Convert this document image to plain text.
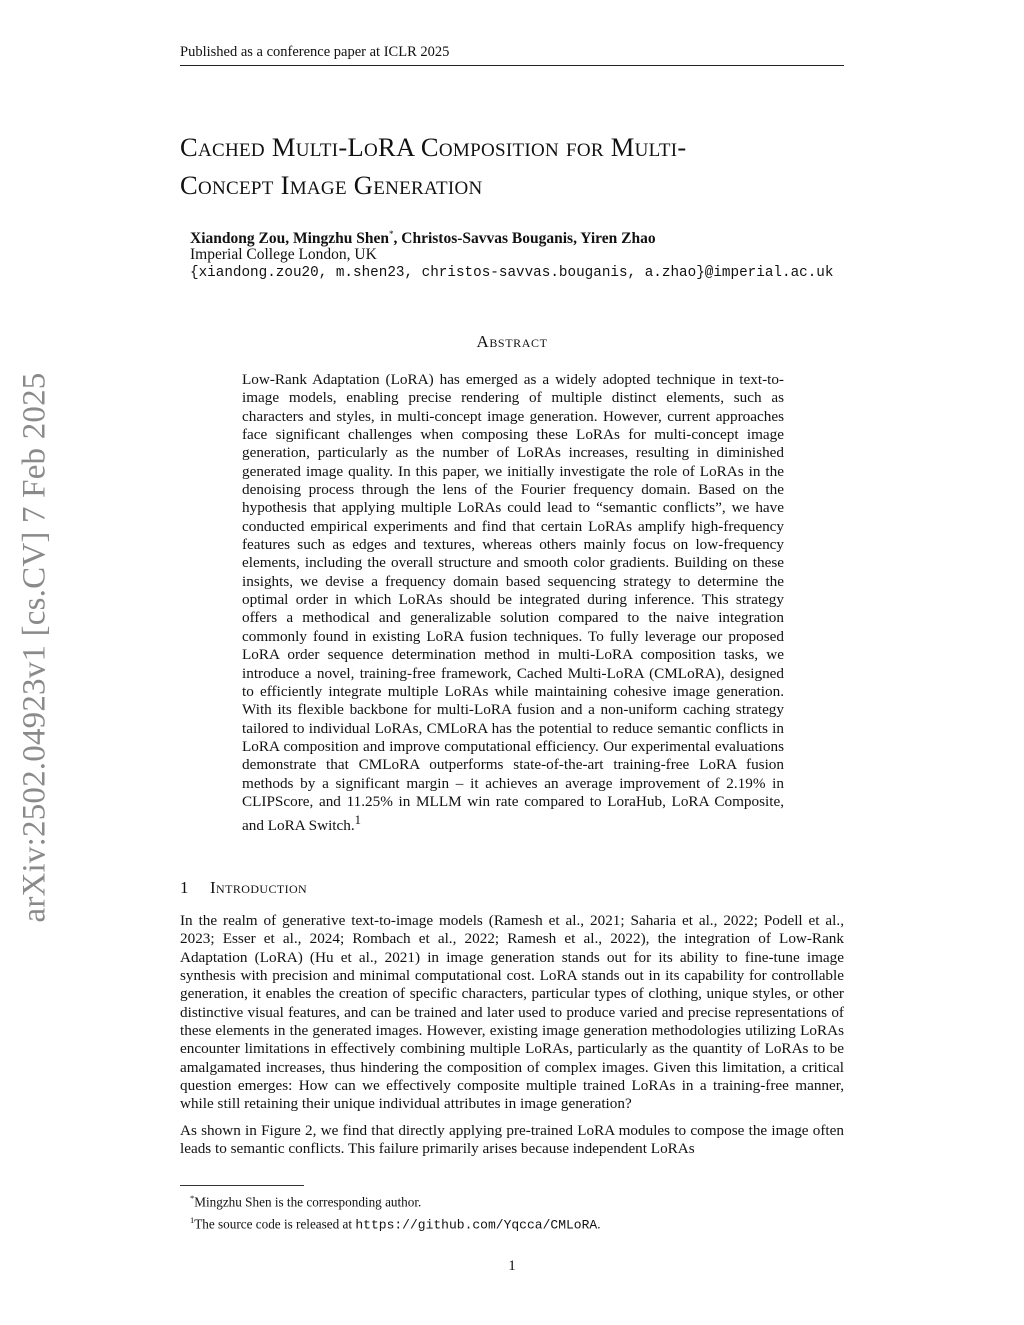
Published as a conference paper at ICLR 2025
arXiv:2502.04923v1 [cs.CV] 7 Feb 2025
Cached Multi-LoRA Composition for Multi-
Concept Image Generation
Xiandong Zou, Mingzhu Shen*, Christos-Savvas Bouganis, Yiren Zhao
Imperial College London, UK
{xiandong.zou20, m.shen23, christos-savvas.bouganis, a.zhao}@imperial.ac.uk
Abstract
Low-Rank Adaptation (LoRA) has emerged as a widely adopted technique in text-to-image models, enabling precise rendering of multiple distinct elements, such as characters and styles, in multi-concept image generation. However, current approaches face significant challenges when composing these LoRAs for multi-concept image generation, particularly as the number of LoRAs increases, resulting in diminished generated image quality. In this paper, we initially investigate the role of LoRAs in the denoising process through the lens of the Fourier frequency domain. Based on the hypothesis that applying multiple LoRAs could lead to “semantic conflicts”, we have conducted empirical experiments and find that certain LoRAs amplify high-frequency features such as edges and textures, whereas others mainly focus on low-frequency elements, including the overall structure and smooth color gradients. Building on these insights, we devise a frequency domain based sequencing strategy to determine the optimal order in which LoRAs should be integrated during inference. This strategy offers a methodical and generalizable solution compared to the naive integration commonly found in existing LoRA fusion techniques. To fully leverage our proposed LoRA order sequence determination method in multi-LoRA composition tasks, we introduce a novel, training-free framework, Cached Multi-LoRA (CMLoRA), designed to efficiently integrate multiple LoRAs while maintaining cohesive image generation. With its flexible backbone for multi-LoRA fusion and a non-uniform caching strategy tailored to individual LoRAs, CMLoRA has the potential to reduce semantic conflicts in LoRA composition and improve computational efficiency. Our experimental evaluations demonstrate that CMLoRA outperforms state-of-the-art training-free LoRA fusion methods by a significant margin – it achieves an average improvement of 2.19% in CLIPScore, and 11.25% in MLLM win rate compared to LoraHub, LoRA Composite, and LoRA Switch.$^1$
1 Introduction

In the realm of generative text-to-image models (Ramesh et al., 2021; Saharia et al., 2022; Podell et al., 2023; Esser et al., 2024; Rombach et al., 2022; Ramesh et al., 2022), the integration of Low-Rank Adaptation (LoRA) (Hu et al., 2021) in image generation stands out for its ability to fine-tune image synthesis with precision and minimal computational cost. LoRA stands out in its capability for controllable generation, it enables the creation of specific characters, particular types of clothing, unique styles, or other distinctive visual features, and can be trained and later used to produce varied and precise representations of these elements in the generated images. However, existing image generation methodologies utilizing LoRAs encounter limitations in effectively combining multiple LoRAs, particularly as the quantity of LoRAs to be amalgamated increases, thus hindering the composition of complex images. Given this limitation, a critical question emerges: How can we effectively composite multiple trained LoRAs in a training-free manner, while still retaining their unique individual attributes in image generation?

As shown in Figure 2, we find that directly applying pre-trained LoRA modules to compose the image often leads to semantic conflicts. This failure primarily arises because independent LoRAs

*Mingzhu Shen is the corresponding author.
$^1$The source code is released at https://github.com/Yqcca/CMLoRA.
1
